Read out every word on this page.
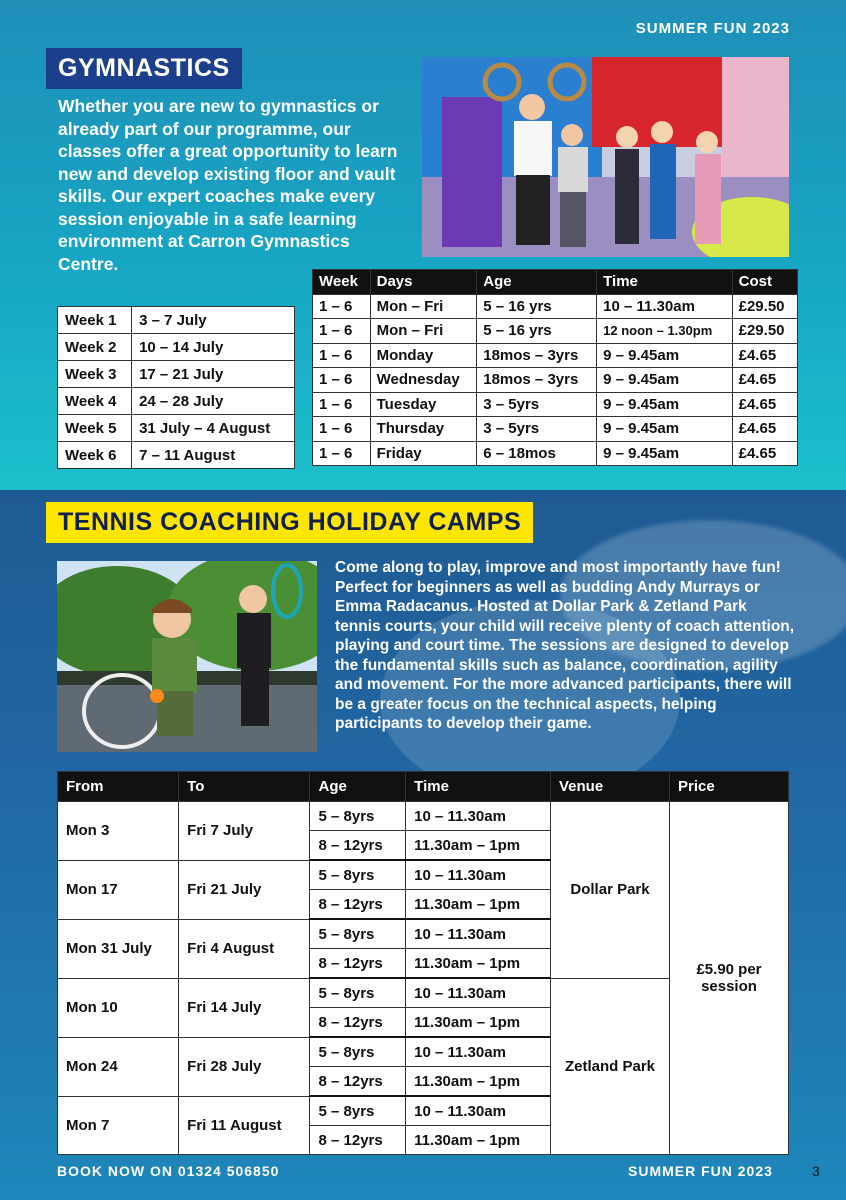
SUMMER FUN 2023
GYMNASTICS
Whether you are new to gymnastics or already part of our programme, our classes offer a great opportunity to learn new and develop existing floor and vault skills. Our expert coaches make every session enjoyable in a safe learning environment at Carron Gymnastics Centre.
Week 1	3 – 7 July
Week 2	10 – 14 July
Week 3	17 – 21 July
Week 4	24 – 28 July
Week 5	31 July – 4 August
Week 6	7 – 11 August
Week	Days	Age	Time	Cost
1 – 6	Mon – Fri	5 – 16 yrs	10 – 11.30am	£29.50
1 – 6	Mon – Fri	5 – 16 yrs	12 noon – 1.30pm	£29.50
1 – 6	Monday	18mos – 3yrs	9 – 9.45am	£4.65
1 – 6	Wednesday	18mos – 3yrs	9 – 9.45am	£4.65
1 – 6	Tuesday	3 – 5yrs	9 – 9.45am	£4.65
1 – 6	Thursday	3 – 5yrs	9 – 9.45am	£4.65
1 – 6	Friday	6 – 18mos	9 – 9.45am	£4.65
TENNIS COACHING HOLIDAY CAMPS
Come along to play, improve and most importantly have fun! Perfect for beginners as well as budding Andy Murrays or Emma Radacanus. Hosted at Dollar Park & Zetland Park tennis courts, your child will receive plenty of coach attention, playing and court time. The sessions are designed to develop the fundamental skills such as balance, coordination, agility and movement. For the more advanced participants, there will be a greater focus on the technical aspects, helping participants to develop their game.
From	To	Age	Time	Venue	Price
Mon 3	Fri 7 July	5 – 8yrs	10 – 11.30am	Dollar Park	£5.90 per session
		8 – 12yrs	11.30am – 1pm		
Mon 17	Fri 21 July	5 – 8yrs	10 – 11.30am		
		8 – 12yrs	11.30am – 1pm		
Mon 31 July	Fri 4 August	5 – 8yrs	10 – 11.30am		
		8 – 12yrs	11.30am – 1pm		
Mon 10	Fri 14 July	5 – 8yrs	10 – 11.30am	Zetland Park	
		8 – 12yrs	11.30am – 1pm		
Mon 24	Fri 28 July	5 – 8yrs	10 – 11.30am		
		8 – 12yrs	11.30am – 1pm		
Mon 7	Fri 11 August	5 – 8yrs	10 – 11.30am		
		8 – 12yrs	11.30am – 1pm		
BOOK NOW ON 01324 506850	SUMMER FUN 2023	3
